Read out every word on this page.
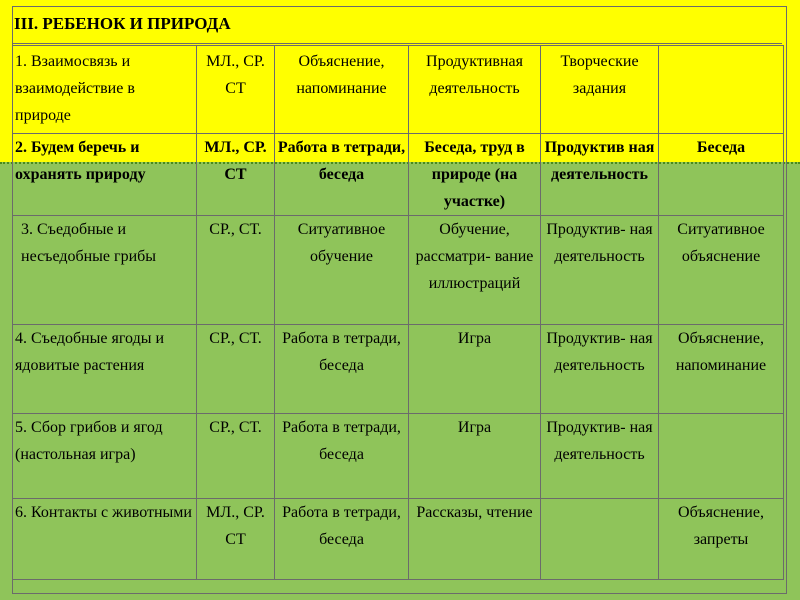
III. РЕБЕНОК И ПРИРОДА
1. Взаимосвязь и взаимодействие в природе	МЛ., СР. СТ	Объяснение, напоминание	Продуктивная деятельность	Творческие задания	
2. Будем беречь и охранять природу	МЛ., СР. СТ	Работа в тетради, беседа	Беседа, труд в природе (на участке)	Продуктив ная деятельность	Беседа
3. Съедобные и несъедобные грибы	СР., СТ.	Ситуативное обучение	Обучение, рассматри- вание иллюстраций	Продуктив- ная деятельность	Ситуативное объяснение
4. Съедобные ягоды и ядовитые растения	СР., СТ.	Работа в тетради, беседа	Игра	Продуктив- ная деятельность	Объяснение, напоминание
5. Сбор грибов и ягод (настольная игра)	СР., СТ.	Работа в тетради, беседа	Игра	Продуктив- ная деятельность	
6. Контакты с животными	МЛ., СР. СТ	Работа в тетради, беседа	Рассказы, чтение		Объяснение, запреты
